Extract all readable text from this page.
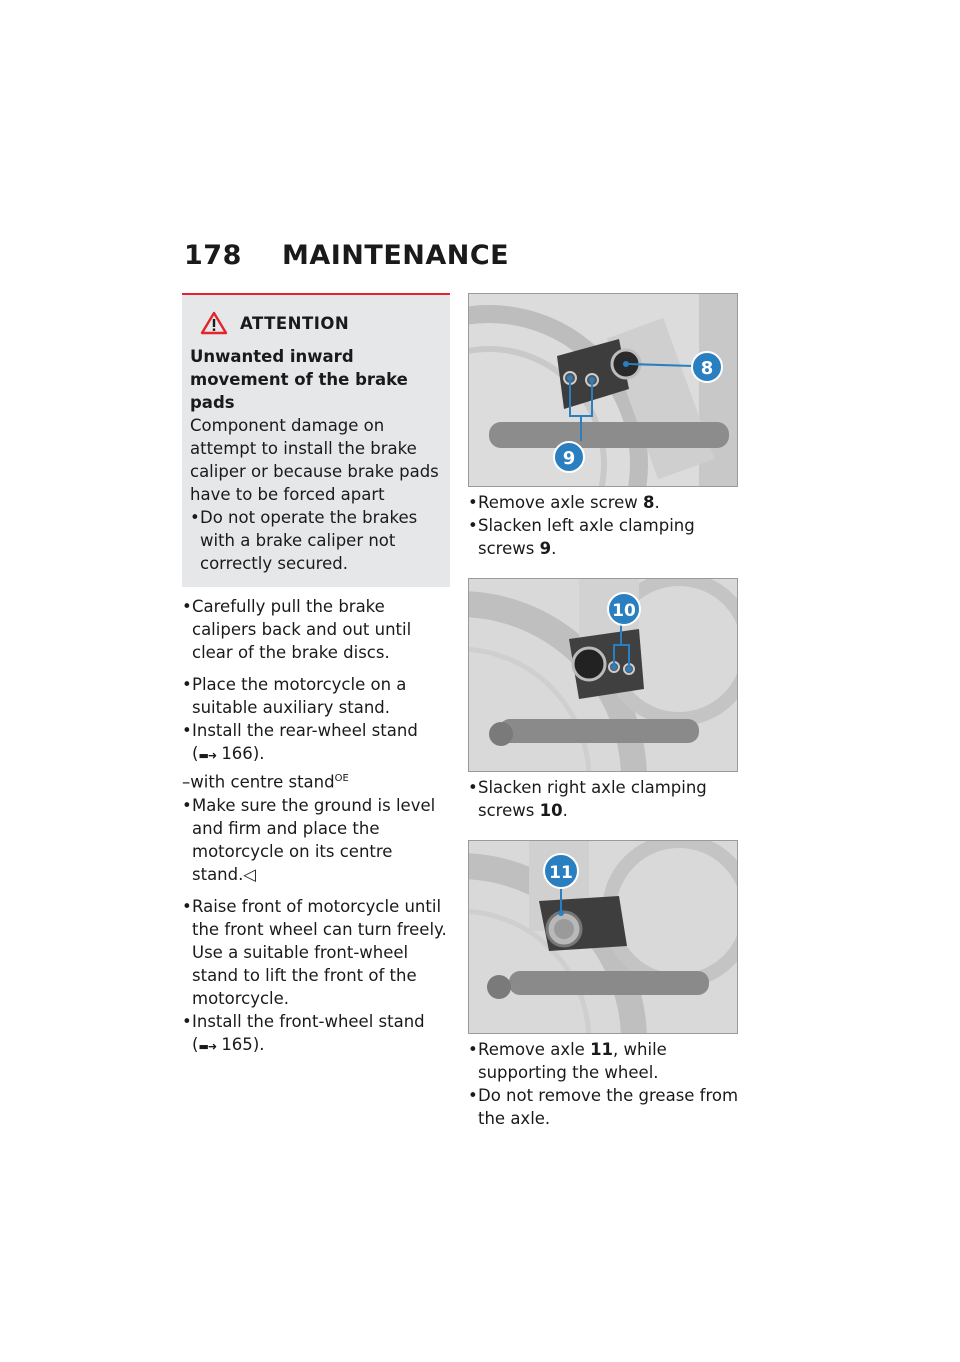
178 MAINTENANCE
ATTENTION
Unwanted inward movement of the brake pads
Component damage on attempt to install the brake caliper or because brake pads have to be forced apart
• Do not operate the brakes with a brake caliper not correctly secured.
• Carefully pull the brake calipers back and out until clear of the brake discs.
• Place the motorcycle on a suitable auxiliary stand.
• Install the rear-wheel stand
(▬➜ 166).
–with centre stand$^{OE}$
• Make sure the ground is level and firm and place the motorcycle on its centre stand.◁
• Raise front of motorcycle until the front wheel can turn freely. Use a suitable front-wheel stand to lift the front of the motorcycle.
• Install the front-wheel stand
(▬➜ 165).
8
9
• Remove axle screw 8.
• Slacken left axle clamping screws 9.
10
• Slacken right axle clamping screws 10.
11
• Remove axle 11, while supporting the wheel.
• Do not remove the grease from the axle.
